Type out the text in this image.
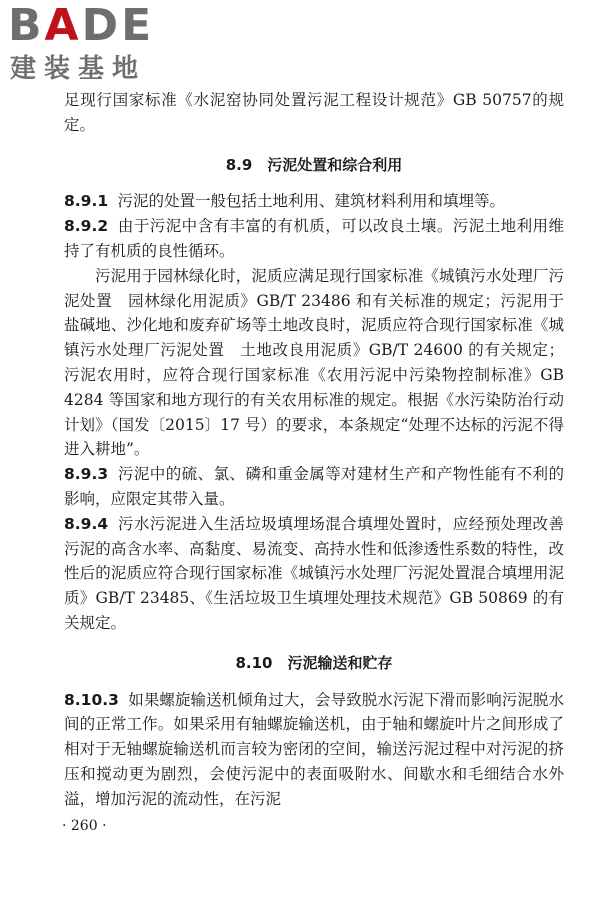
BADE
建装基地

足现行国家标准《水泥窑协同处置污泥工程设计规范》GB 50757的规定。

8.9　污泥处置和综合利用

8.9.1 污泥的处置一般包括土地利用、建筑材料利用和填埋等。

8.9.2 由于污泥中含有丰富的有机质，可以改良土壤。污泥土地利用维持了有机质的良性循环。

污泥用于园林绿化时，泥质应满足现行国家标准《城镇污水处理厂污泥处置　园林绿化用泥质》GB/T 23486 和有关标准的规定；污泥用于盐碱地、沙化地和废弃矿场等土地改良时，泥质应符合现行国家标准《城镇污水处理厂污泥处置　土地改良用泥质》GB/T 24600 的有关规定；污泥农用时，应符合现行国家标准《农用污泥中污染物控制标准》GB 4284 等国家和地方现行的有关农用标准的规定。根据《水污染防治行动计划》（国发〔2015〕17 号）的要求，本条规定“处理不达标的污泥不得进入耕地”。

8.9.3 污泥中的硫、氯、磷和重金属等对建材生产和产物性能有不利的影响，应限定其带入量。

8.9.4 污水污泥进入生活垃圾填埋场混合填埋处置时，应经预处理改善污泥的高含水率、高黏度、易流变、高持水性和低渗透性系数的特性，改性后的泥质应符合现行国家标准《城镇污水处理厂污泥处置混合填埋用泥质》GB/T 23485、《生活垃圾卫生填埋处理技术规范》GB 50869 的有关规定。

8.10　污泥输送和贮存

8.10.3 如果螺旋输送机倾角过大，会导致脱水污泥下滑而影响污泥脱水间的正常工作。如果采用有轴螺旋输送机，由于轴和螺旋叶片之间形成了相对于无轴螺旋输送机而言较为密闭的空间，输送污泥过程中对污泥的挤压和搅动更为剧烈，会使污泥中的表面吸附水、间歇水和毛细结合水外溢，增加污泥的流动性，在污泥

· 260 ·
